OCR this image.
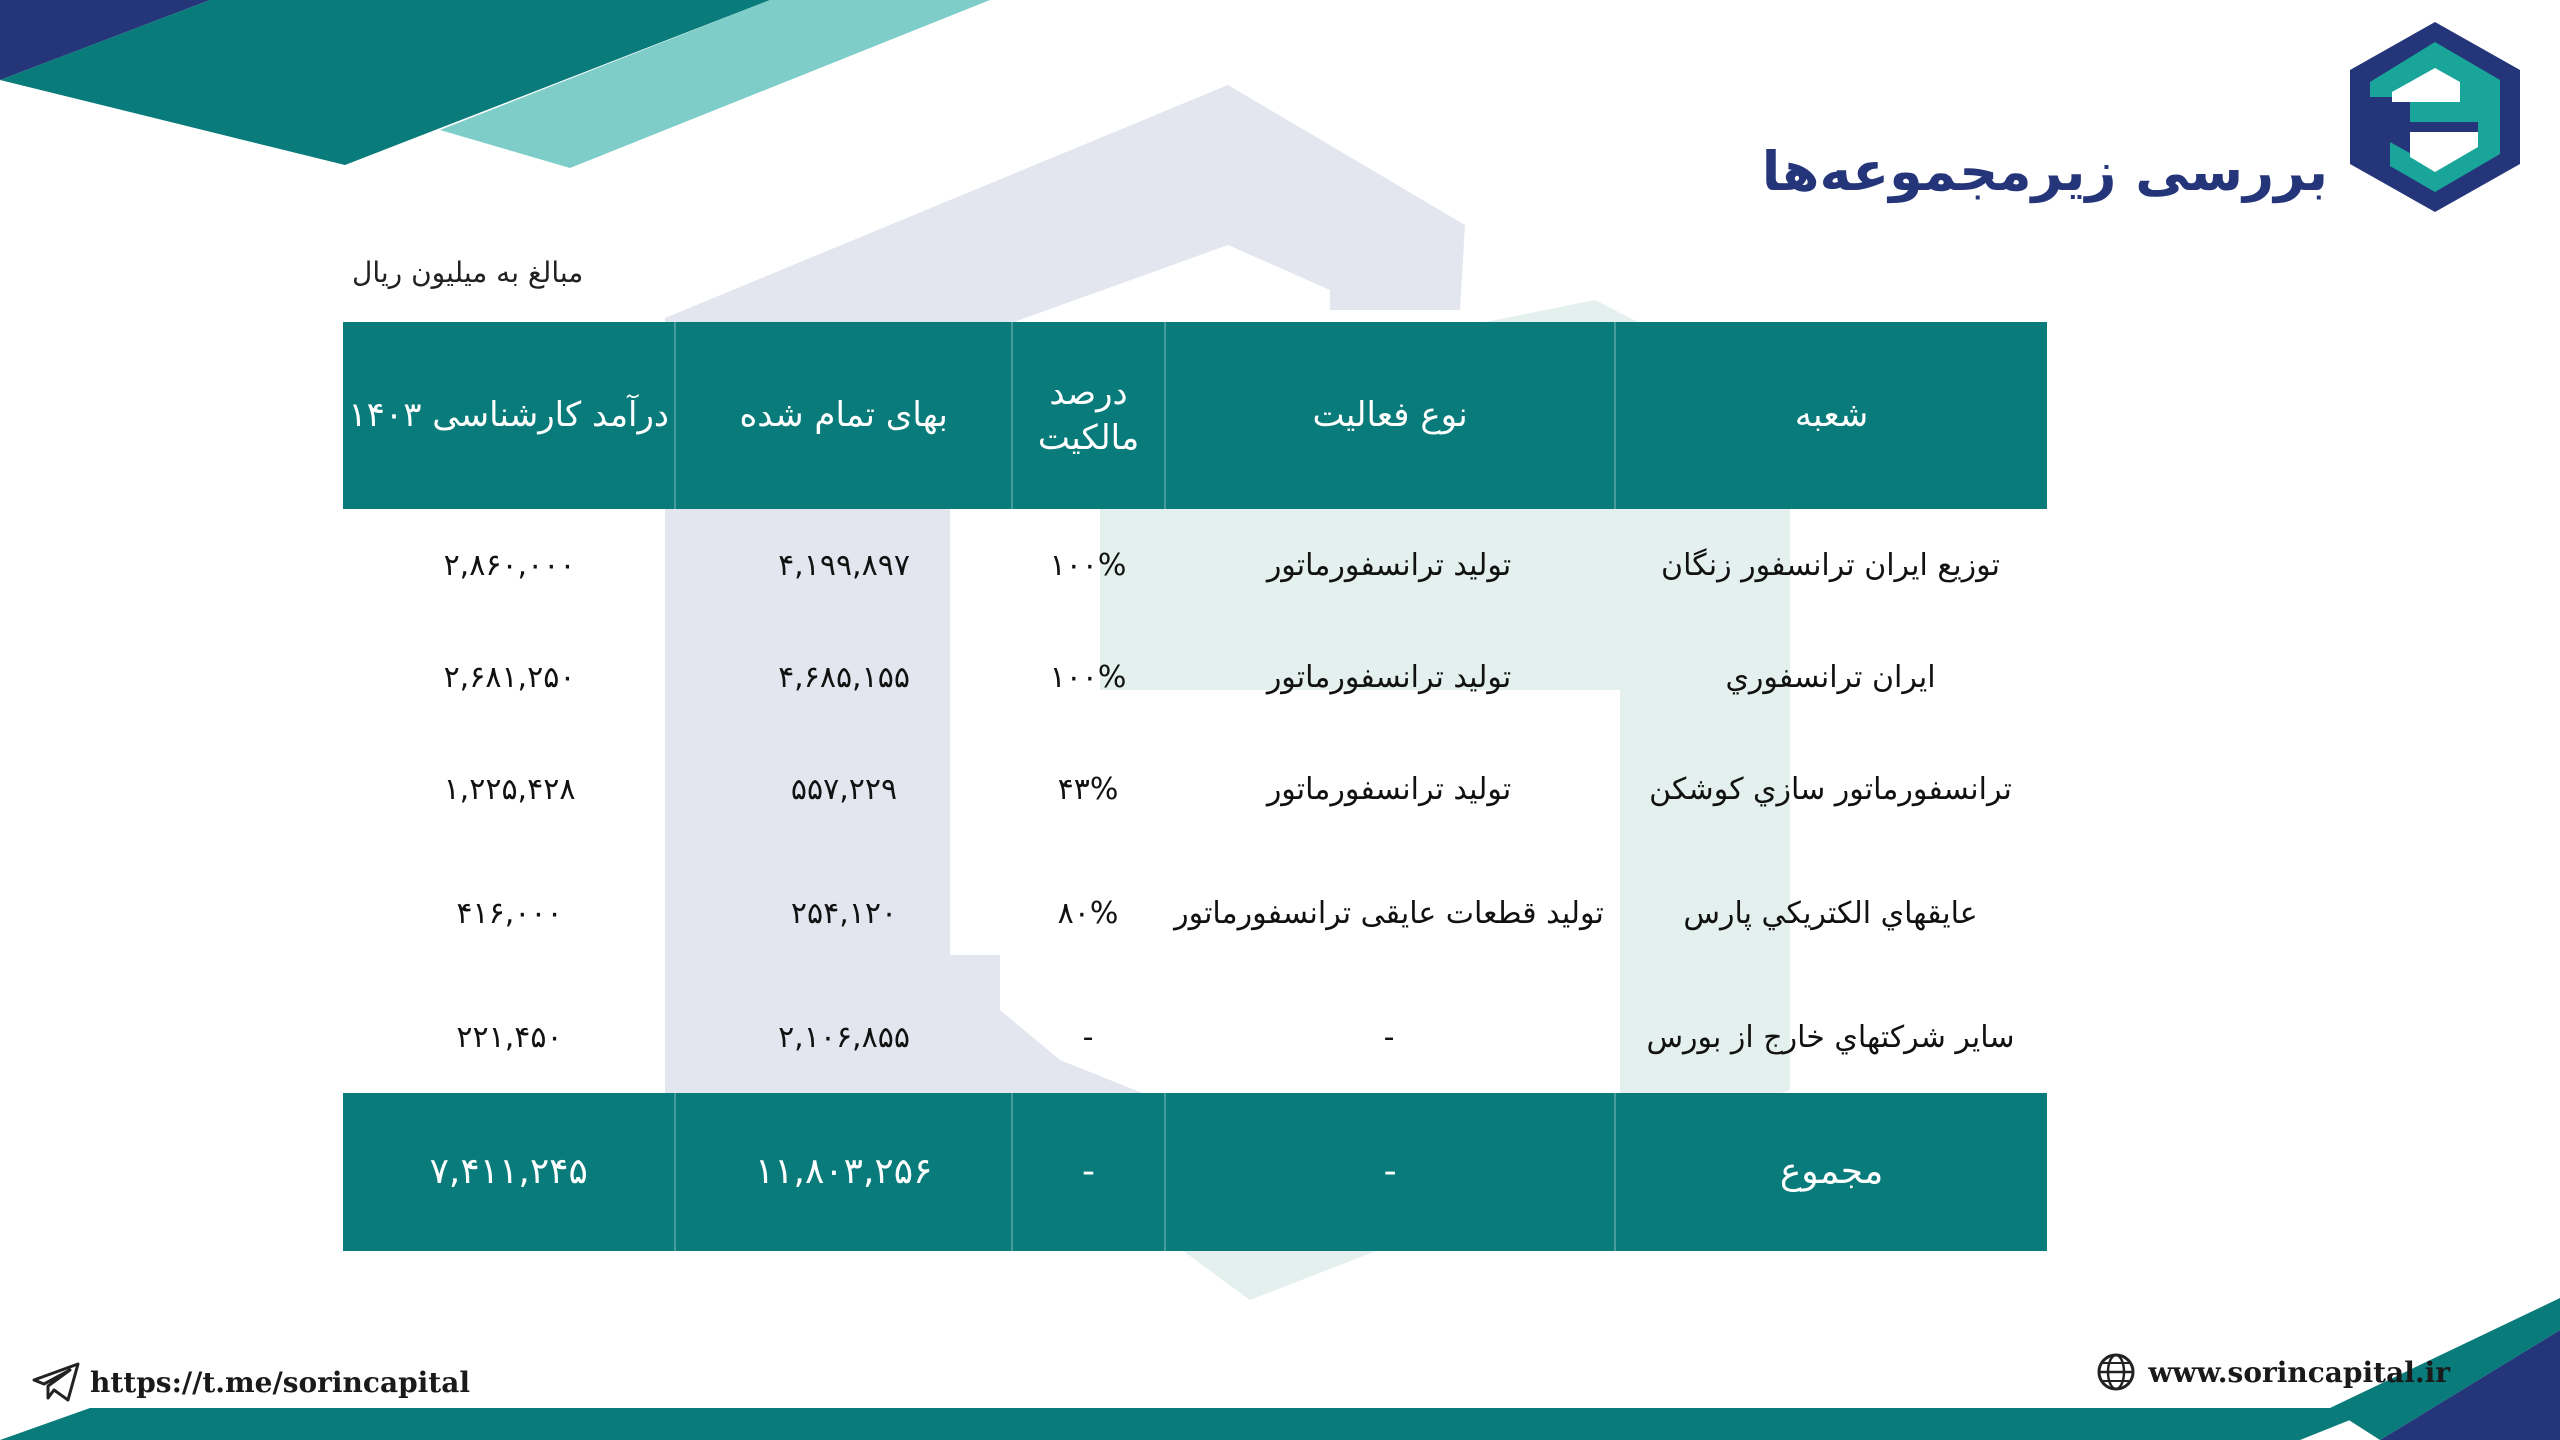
بررسی زیرمجموعه‌ها
مبالغ به میلیون ریال
شعبه
نوع فعالیت
درصد مالکیت
بهای تمام شده
درآمد کارشناسی ۱۴۰۳
توزیع ایران ترانسفور زنگان
تولید ترانسفورماتور
۱۰۰%
۴,۱۹۹,۸۹۷
۲,۸۶۰,۰۰۰
ایران ترانسفوري
تولید ترانسفورماتور
۱۰۰%
۴,۶۸۵,۱۵۵
۲,۶۸۱,۲۵۰
ترانسفورماتور سازي كوشكن
تولید ترانسفورماتور
۴۳%
۵۵۷,۲۲۹
۱,۲۲۵,۴۲۸
عايقهاي الكتريكي پارس
تولید قطعات عایقی ترانسفورماتور
۸۰%
۲۵۴,۱۲۰
۴۱۶,۰۰۰
ساير شركتهاي خارج از بورس
-
-
۲,۱۰۶,۸۵۵
۲۲۱,۴۵۰
مجموع
-
-
۱۱,۸۰۳,۲۵۶
۷,۴۱۱,۲۴۵
https://t.me/sorincapital	www.sorincapital.ir
